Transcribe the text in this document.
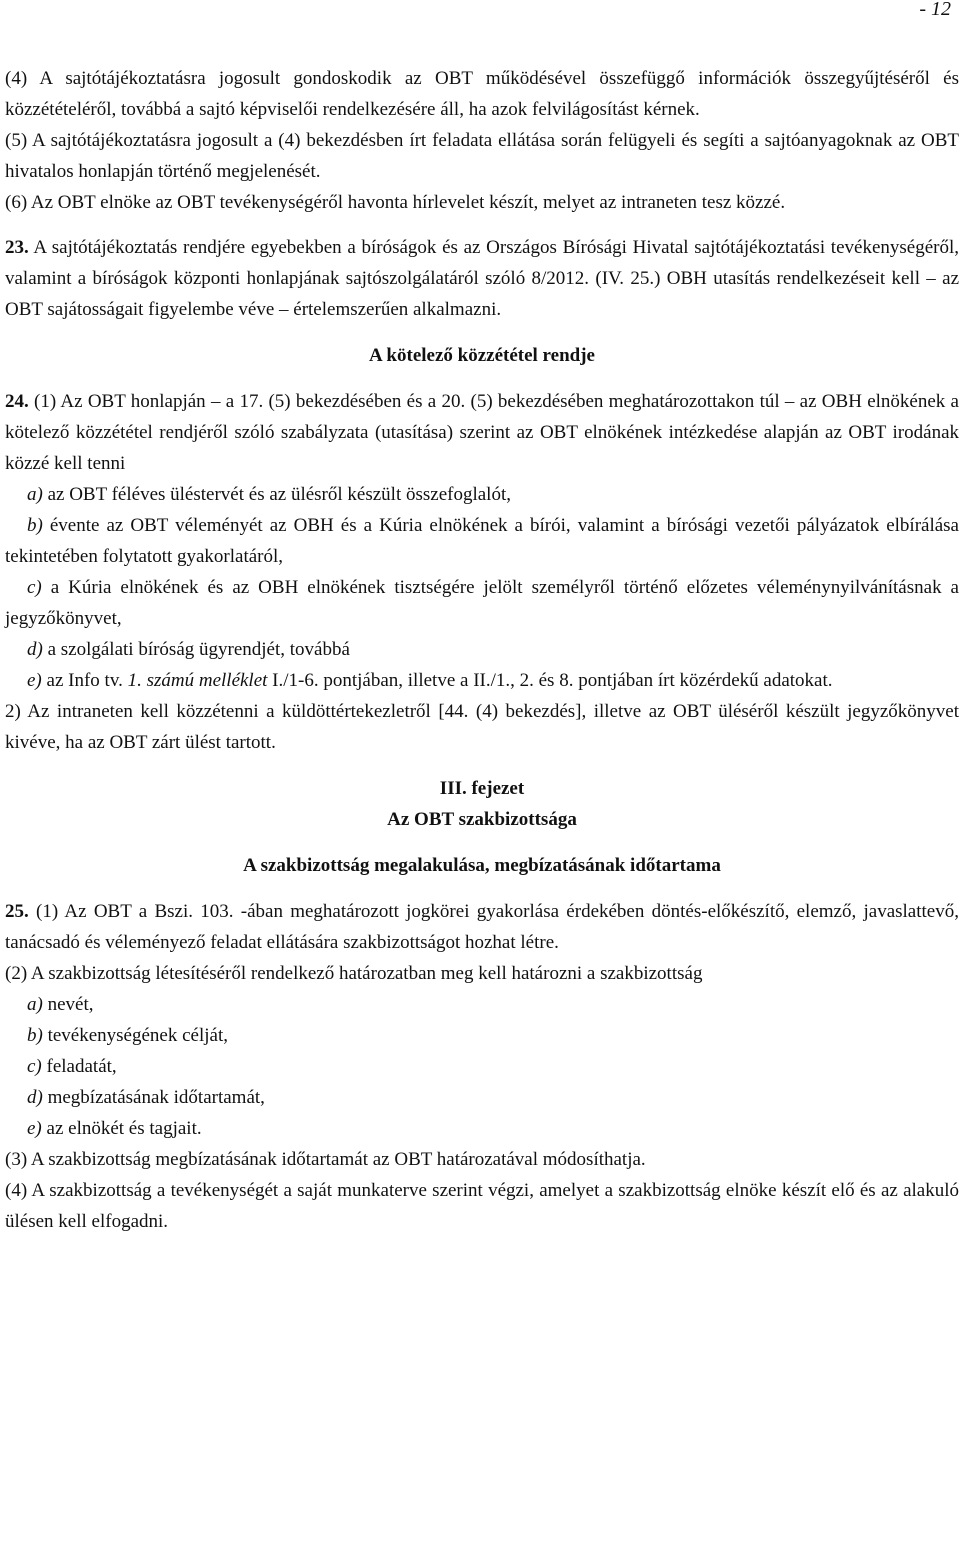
- 12

(4) A sajtótájékoztatásra jogosult gondoskodik az OBT működésével összefüggő információk összegyűjtéséről és közzétételéről, továbbá a sajtó képviselői rendelkezésére áll, ha azok felvilágosítást kérnek.

(5) A sajtótájékoztatásra jogosult a (4) bekezdésben írt feladata ellátása során felügyeli és segíti a sajtóanyagoknak az OBT hivatalos honlapján történő megjelenését.

(6) Az OBT elnöke az OBT tevékenységéről havonta hírlevelet készít, melyet az intraneten tesz közzé.

23. A sajtótájékoztatás rendjére egyebekben a bíróságok és az Országos Bírósági Hivatal sajtótájékoztatási tevékenységéről, valamint a bíróságok központi honlapjának sajtószolgálatáról szóló 8/2012. (IV. 25.) OBH utasítás rendelkezéseit kell – az OBT sajátosságait figyelembe véve – értelemszerűen alkalmazni.

A kötelező közzététel rendje

24. (1) Az OBT honlapján – a 17. (5) bekezdésében és a 20. (5) bekezdésében meghatározottakon túl – az OBH elnökének a kötelező közzététel rendjéről szóló szabályzata (utasítása) szerint az OBT elnökének intézkedése alapján az OBT irodának közzé kell tenni

a) az OBT féléves üléstervét és az ülésről készült összefoglalót,

b) évente az OBT véleményét az OBH és a Kúria elnökének a bírói, valamint a bírósági vezetői pályázatok elbírálása tekintetében folytatott gyakorlatáról,

c) a Kúria elnökének és az OBH elnökének tisztségére jelölt személyről történő előzetes véleménynyilvánításnak a jegyzőkönyvet,

d) a szolgálati bíróság ügyrendjét, továbbá

e) az Info tv. 1. számú melléklet I./1-6. pontjában, illetve a II./1., 2. és 8. pontjában írt közérdekű adatokat.

2) Az intraneten kell közzétenni a küldöttértekezletről [44. (4) bekezdés], illetve az OBT üléséről készült jegyzőkönyvet kivéve, ha az OBT zárt ülést tartott.

III. fejezet

Az OBT szakbizottsága

A szakbizottság megalakulása, megbízatásának időtartama

25. (1) Az OBT a Bszi. 103. -ában meghatározott jogkörei gyakorlása érdekében döntés-előkészítő, elemző, javaslattevő, tanácsadó és véleményező feladat ellátására szakbizottságot hozhat létre.

(2) A szakbizottság létesítéséről rendelkező határozatban meg kell határozni a szakbizottság

a) nevét,

b) tevékenységének célját,

c) feladatát,

d) megbízatásának időtartamát,

e) az elnökét és tagjait.

(3) A szakbizottság megbízatásának időtartamát az OBT határozatával módosíthatja.

(4) A szakbizottság a tevékenységét a saját munkaterve szerint végzi, amelyet a szakbizottság elnöke készít elő és az alakuló ülésen kell elfogadni.
